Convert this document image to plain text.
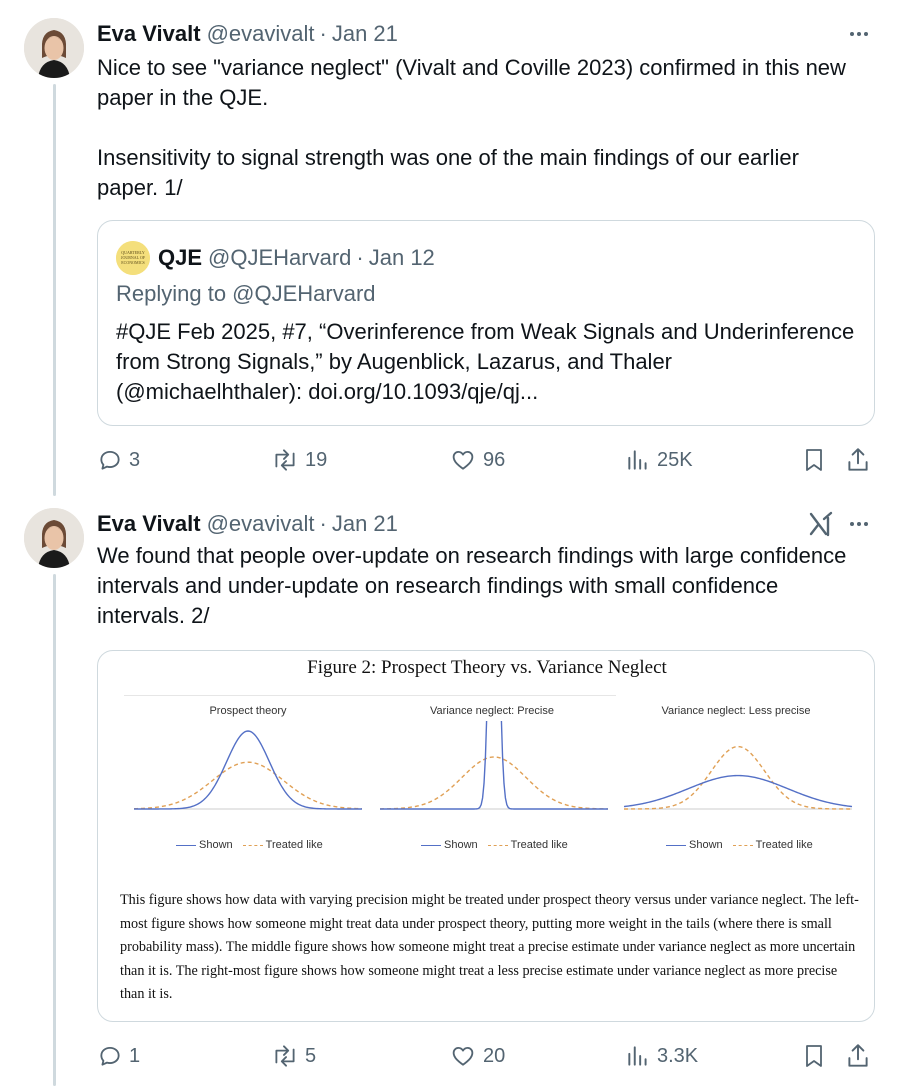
Eva Vivalt @evavivalt · Jan 21
Nice to see "variance neglect" (Vivalt and Coville 2023) confirmed in this new paper in the QJE.

Insensitivity to signal strength was one of the main findings of our earlier paper. 1/
QUARTERLY
JOURNAL OF
ECONOMICS QJE @QJEHarvard · Jan 12
Replying to @QJEHarvard
#QJE Feb 2025, #7, “Overinference from Weak Signals and Underinference from Strong Signals,” by Augenblick, Lazarus, and Thaler (@michaelhthaler): doi.org/10.1093/qje/qj...
3	19	96	25K
Eva Vivalt @evavivalt · Jan 21
We found that people over-update on research findings with large confidence intervals and under-update on research findings with small confidence intervals. 2/
Figure 2: Prospect Theory vs. Variance Neglect
Prospect theory	Variance neglect: Precise	Variance neglect: Less precise
Shown	Treated like	Shown	Treated like	Shown	Treated like
This figure shows how data with varying precision might be treated under prospect theory versus under variance neglect. The left-most figure shows how someone might treat data under prospect theory, putting more weight in the tails (where there is small probability mass). The middle figure shows how someone might treat a precise estimate under variance neglect as more uncertain than it is. The right-most figure shows how someone might treat a less precise estimate under variance neglect as more precise than it is.
1	5	20	3.3K
